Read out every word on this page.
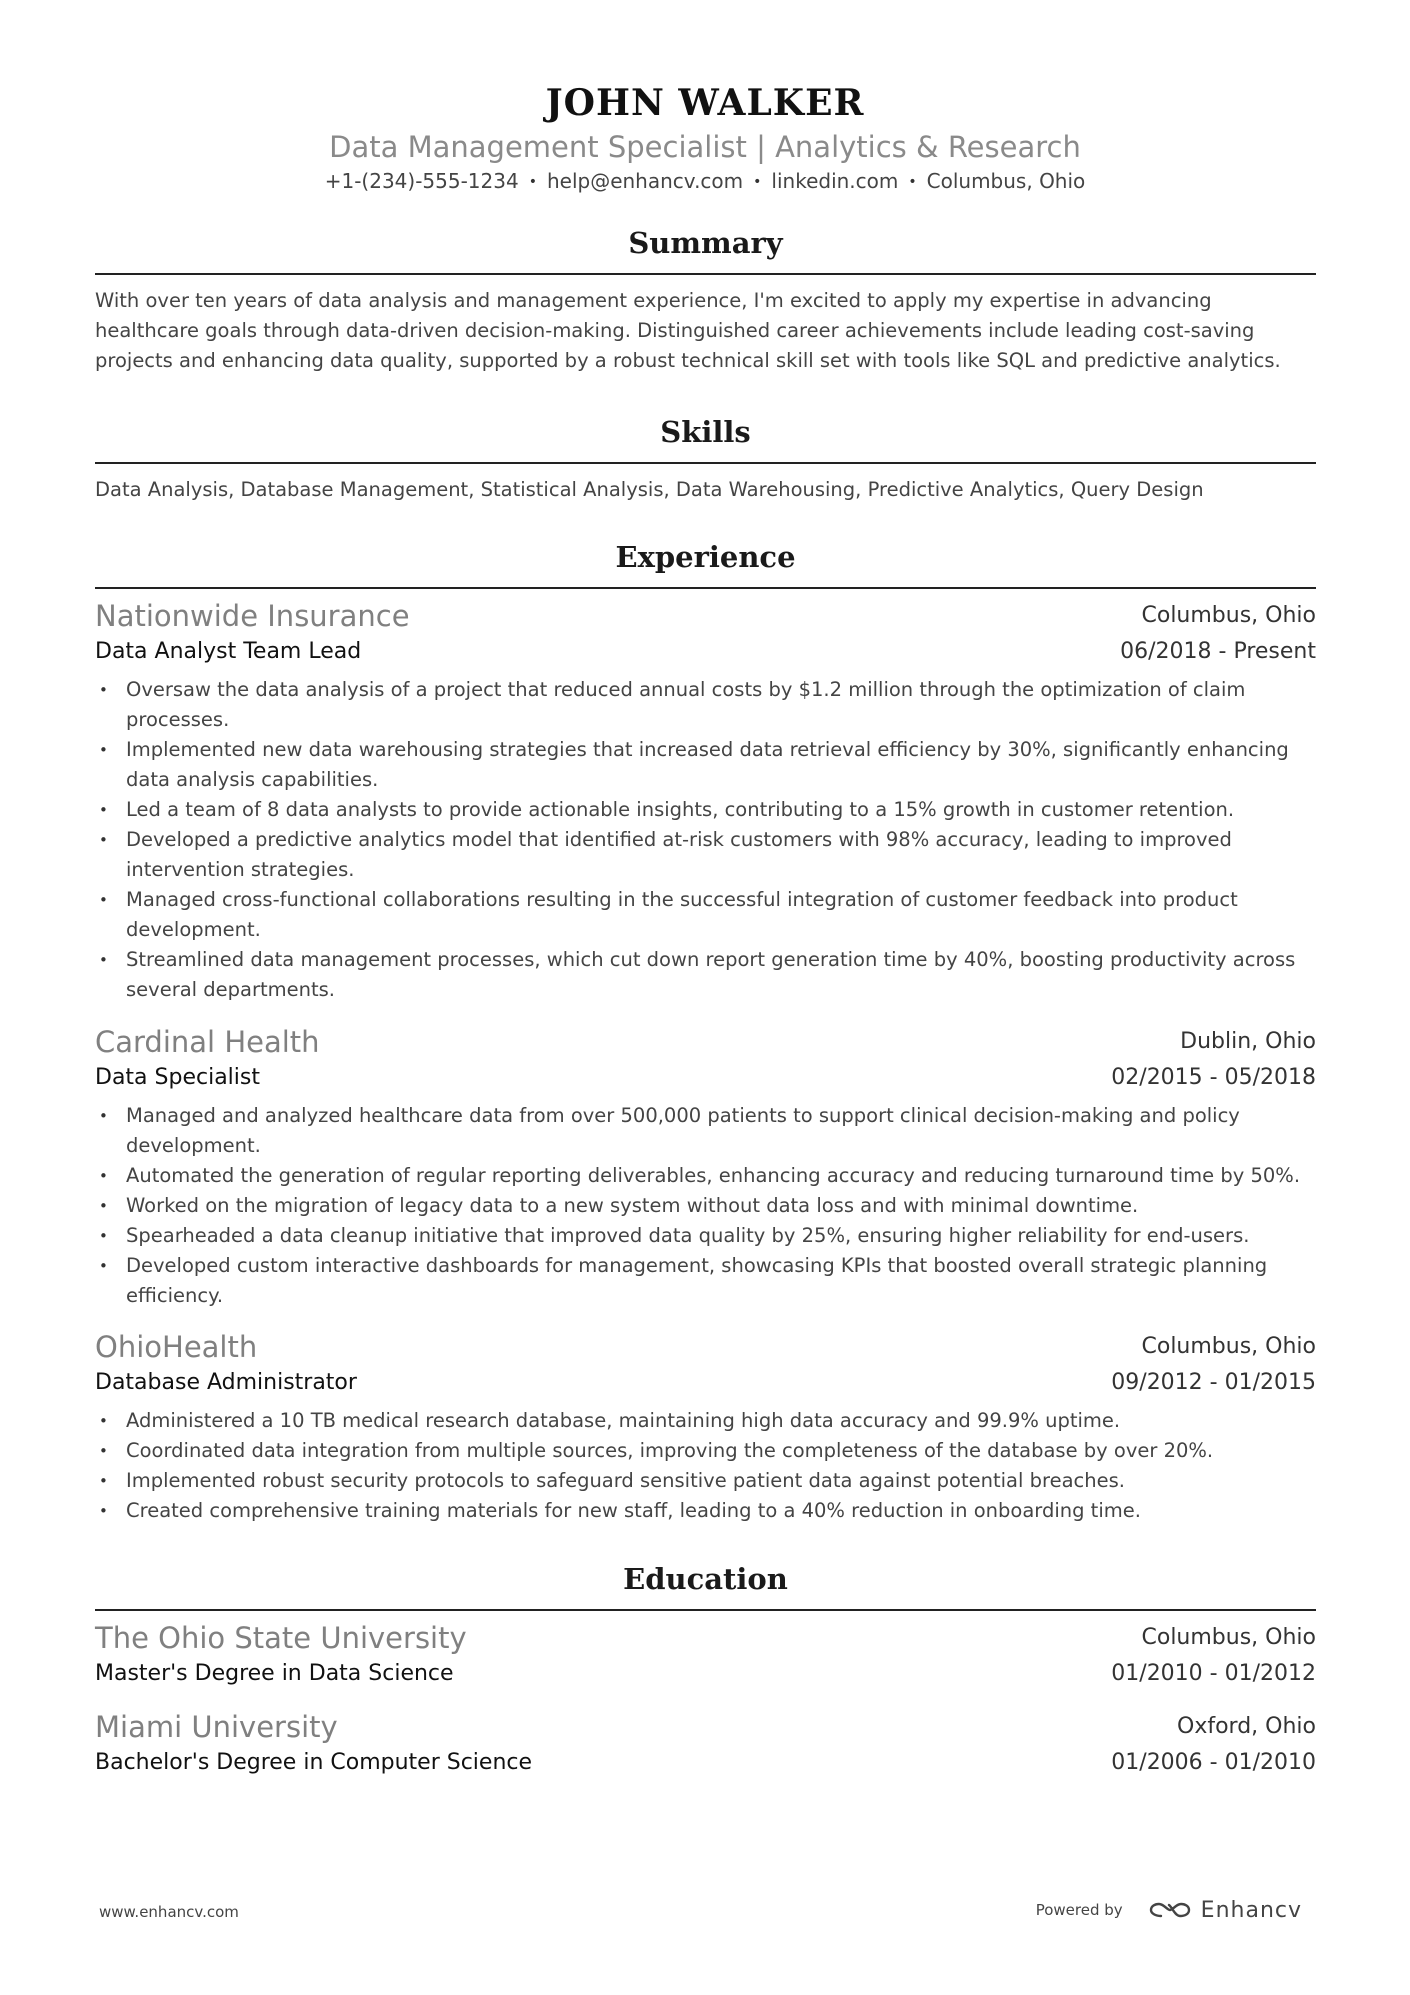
JOHN WALKER
Data Management Specialist | Analytics & Research
+1-(234)-555-1234 • help@enhancv.com • linkedin.com • Columbus, Ohio
Summary
With over ten years of data analysis and management experience, I'm excited to apply my expertise in advancing
healthcare goals through data-driven decision-making. Distinguished career achievements include leading cost-saving
projects and enhancing data quality, supported by a robust technical skill set with tools like SQL and predictive analytics.
Skills
Data Analysis, Database Management, Statistical Analysis, Data Warehousing, Predictive Analytics, Query Design
Experience
Nationwide Insurance	Columbus, Ohio
Data Analyst Team Lead	06/2018 - Present
• Oversaw the data analysis of a project that reduced annual costs by $1.2 million through the optimization of claim processes.
• Implemented new data warehousing strategies that increased data retrieval efficiency by 30%, significantly enhancing data analysis capabilities.
• Led a team of 8 data analysts to provide actionable insights, contributing to a 15% growth in customer retention.
• Developed a predictive analytics model that identified at-risk customers with 98% accuracy, leading to improved intervention strategies.
• Managed cross-functional collaborations resulting in the successful integration of customer feedback into product development.
• Streamlined data management processes, which cut down report generation time by 40%, boosting productivity across several departments.
Cardinal Health	Dublin, Ohio
Data Specialist	02/2015 - 05/2018
• Managed and analyzed healthcare data from over 500,000 patients to support clinical decision-making and policy development.
• Automated the generation of regular reporting deliverables, enhancing accuracy and reducing turnaround time by 50%.
• Worked on the migration of legacy data to a new system without data loss and with minimal downtime.
• Spearheaded a data cleanup initiative that improved data quality by 25%, ensuring higher reliability for end-users.
• Developed custom interactive dashboards for management, showcasing KPIs that boosted overall strategic planning efficiency.
OhioHealth	Columbus, Ohio
Database Administrator	09/2012 - 01/2015
• Administered a 10 TB medical research database, maintaining high data accuracy and 99.9% uptime.
• Coordinated data integration from multiple sources, improving the completeness of the database by over 20%.
• Implemented robust security protocols to safeguard sensitive patient data against potential breaches.
• Created comprehensive training materials for new staff, leading to a 40% reduction in onboarding time.
Education
The Ohio State University	Columbus, Ohio
Master's Degree in Data Science	01/2010 - 01/2012
Miami University	Oxford, Ohio
Bachelor's Degree in Computer Science	01/2006 - 01/2010
www.enhancv.com	Powered by	Enhancv
